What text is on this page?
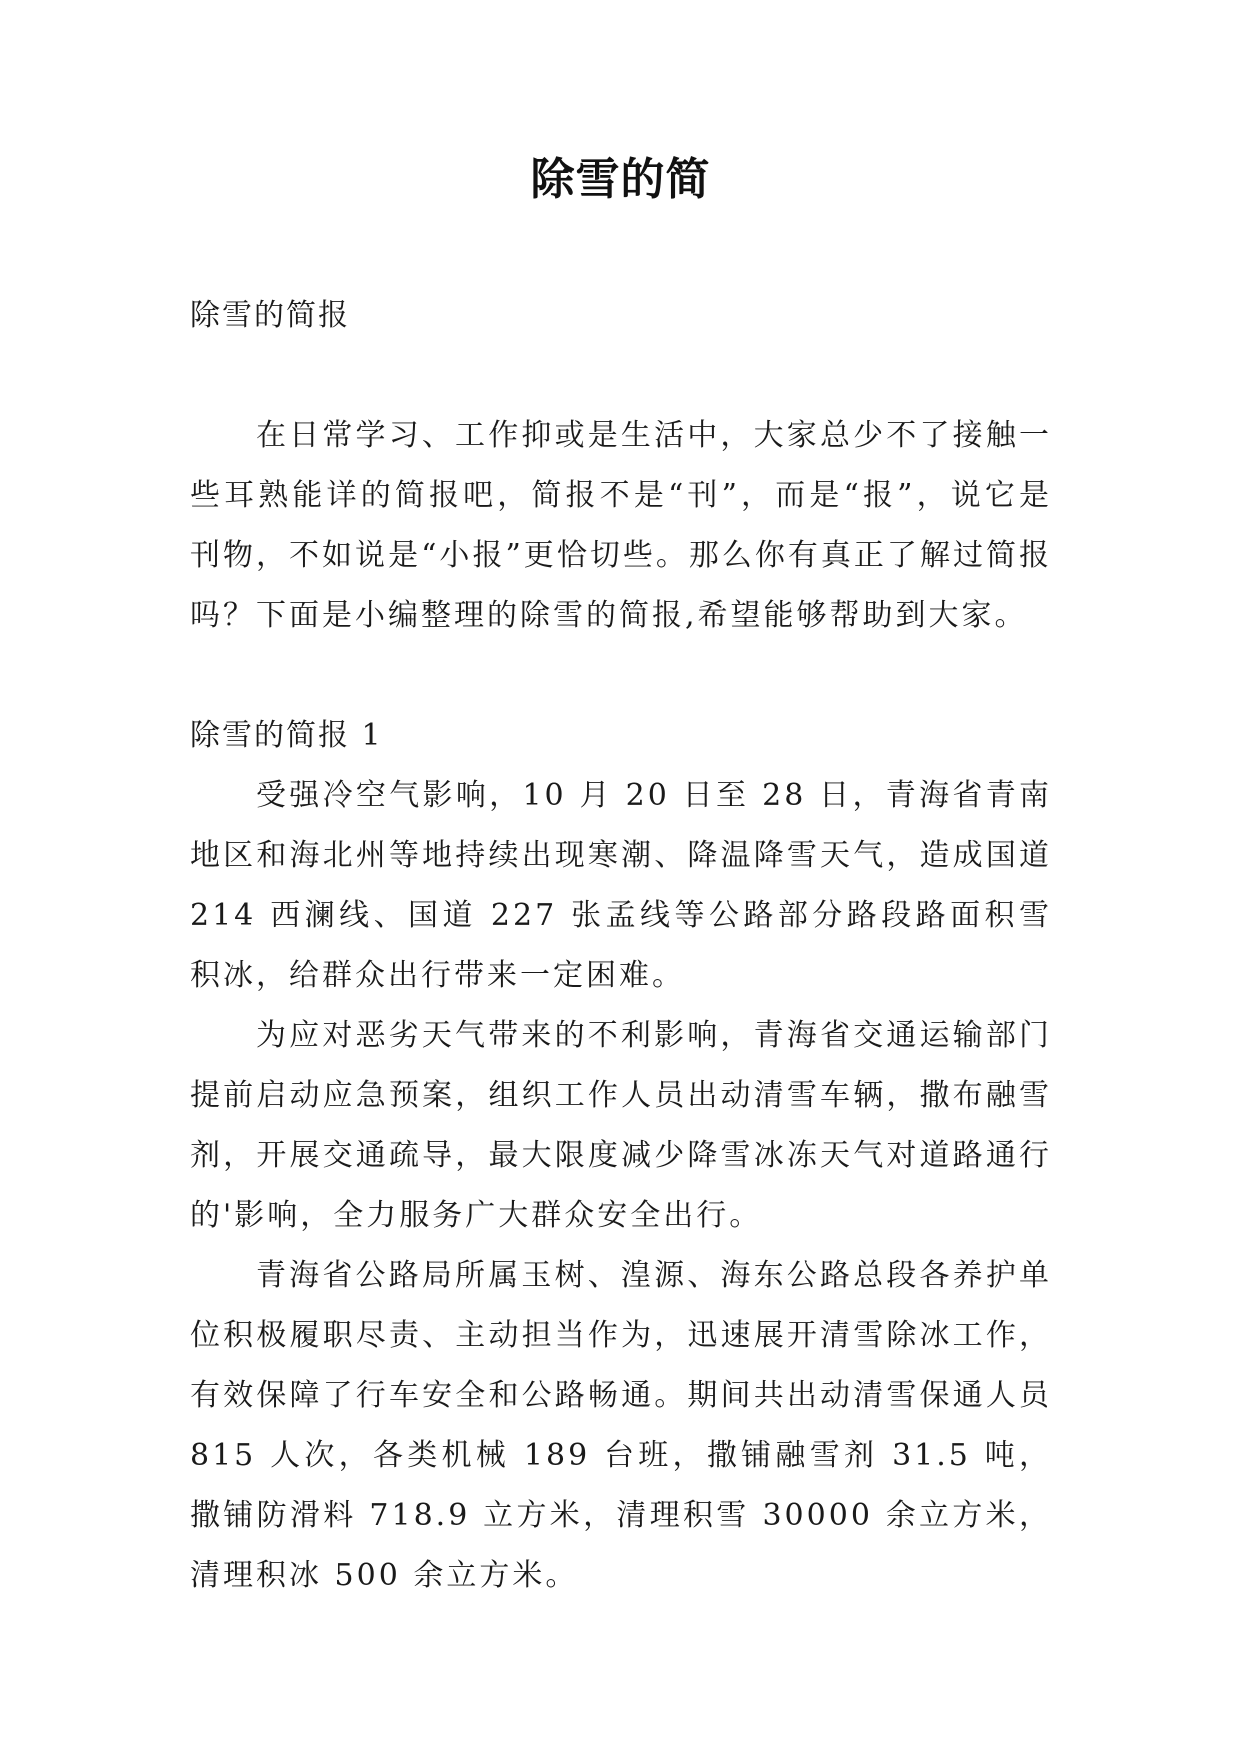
除雪的简

除雪的简报

在日常学习、工作抑或是生活中，大家总少不了接触一些耳熟能详的简报吧，简报不是“刊”，而是“报”，说它是刊物，不如说是“小报”更恰切些。那么你有真正了解过简报吗？下面是小编整理的除雪的简报,希望能够帮助到大家。

除雪的简报 1

受强冷空气影响，10 月 20 日至 28 日，青海省青南地区和海北州等地持续出现寒潮、降温降雪天气，造成国道 214 西澜线、国道 227 张孟线等公路部分路段路面积雪积冰，给群众出行带来一定困难。

为应对恶劣天气带来的不利影响，青海省交通运输部门提前启动应急预案，组织工作人员出动清雪车辆，撒布融雪剂，开展交通疏导，最大限度减少降雪冰冻天气对道路通行的'影响，全力服务广大群众安全出行。

青海省公路局所属玉树、湟源、海东公路总段各养护单位积极履职尽责、主动担当作为，迅速展开清雪除冰工作，有效保障了行车安全和公路畅通。期间共出动清雪保通人员 815 人次，各类机械 189 台班，撒铺融雪剂 31.5 吨，撒铺防滑料 718.9 立方米，清理积雪 30000 余立方米，清理积冰 500 余立方米。
